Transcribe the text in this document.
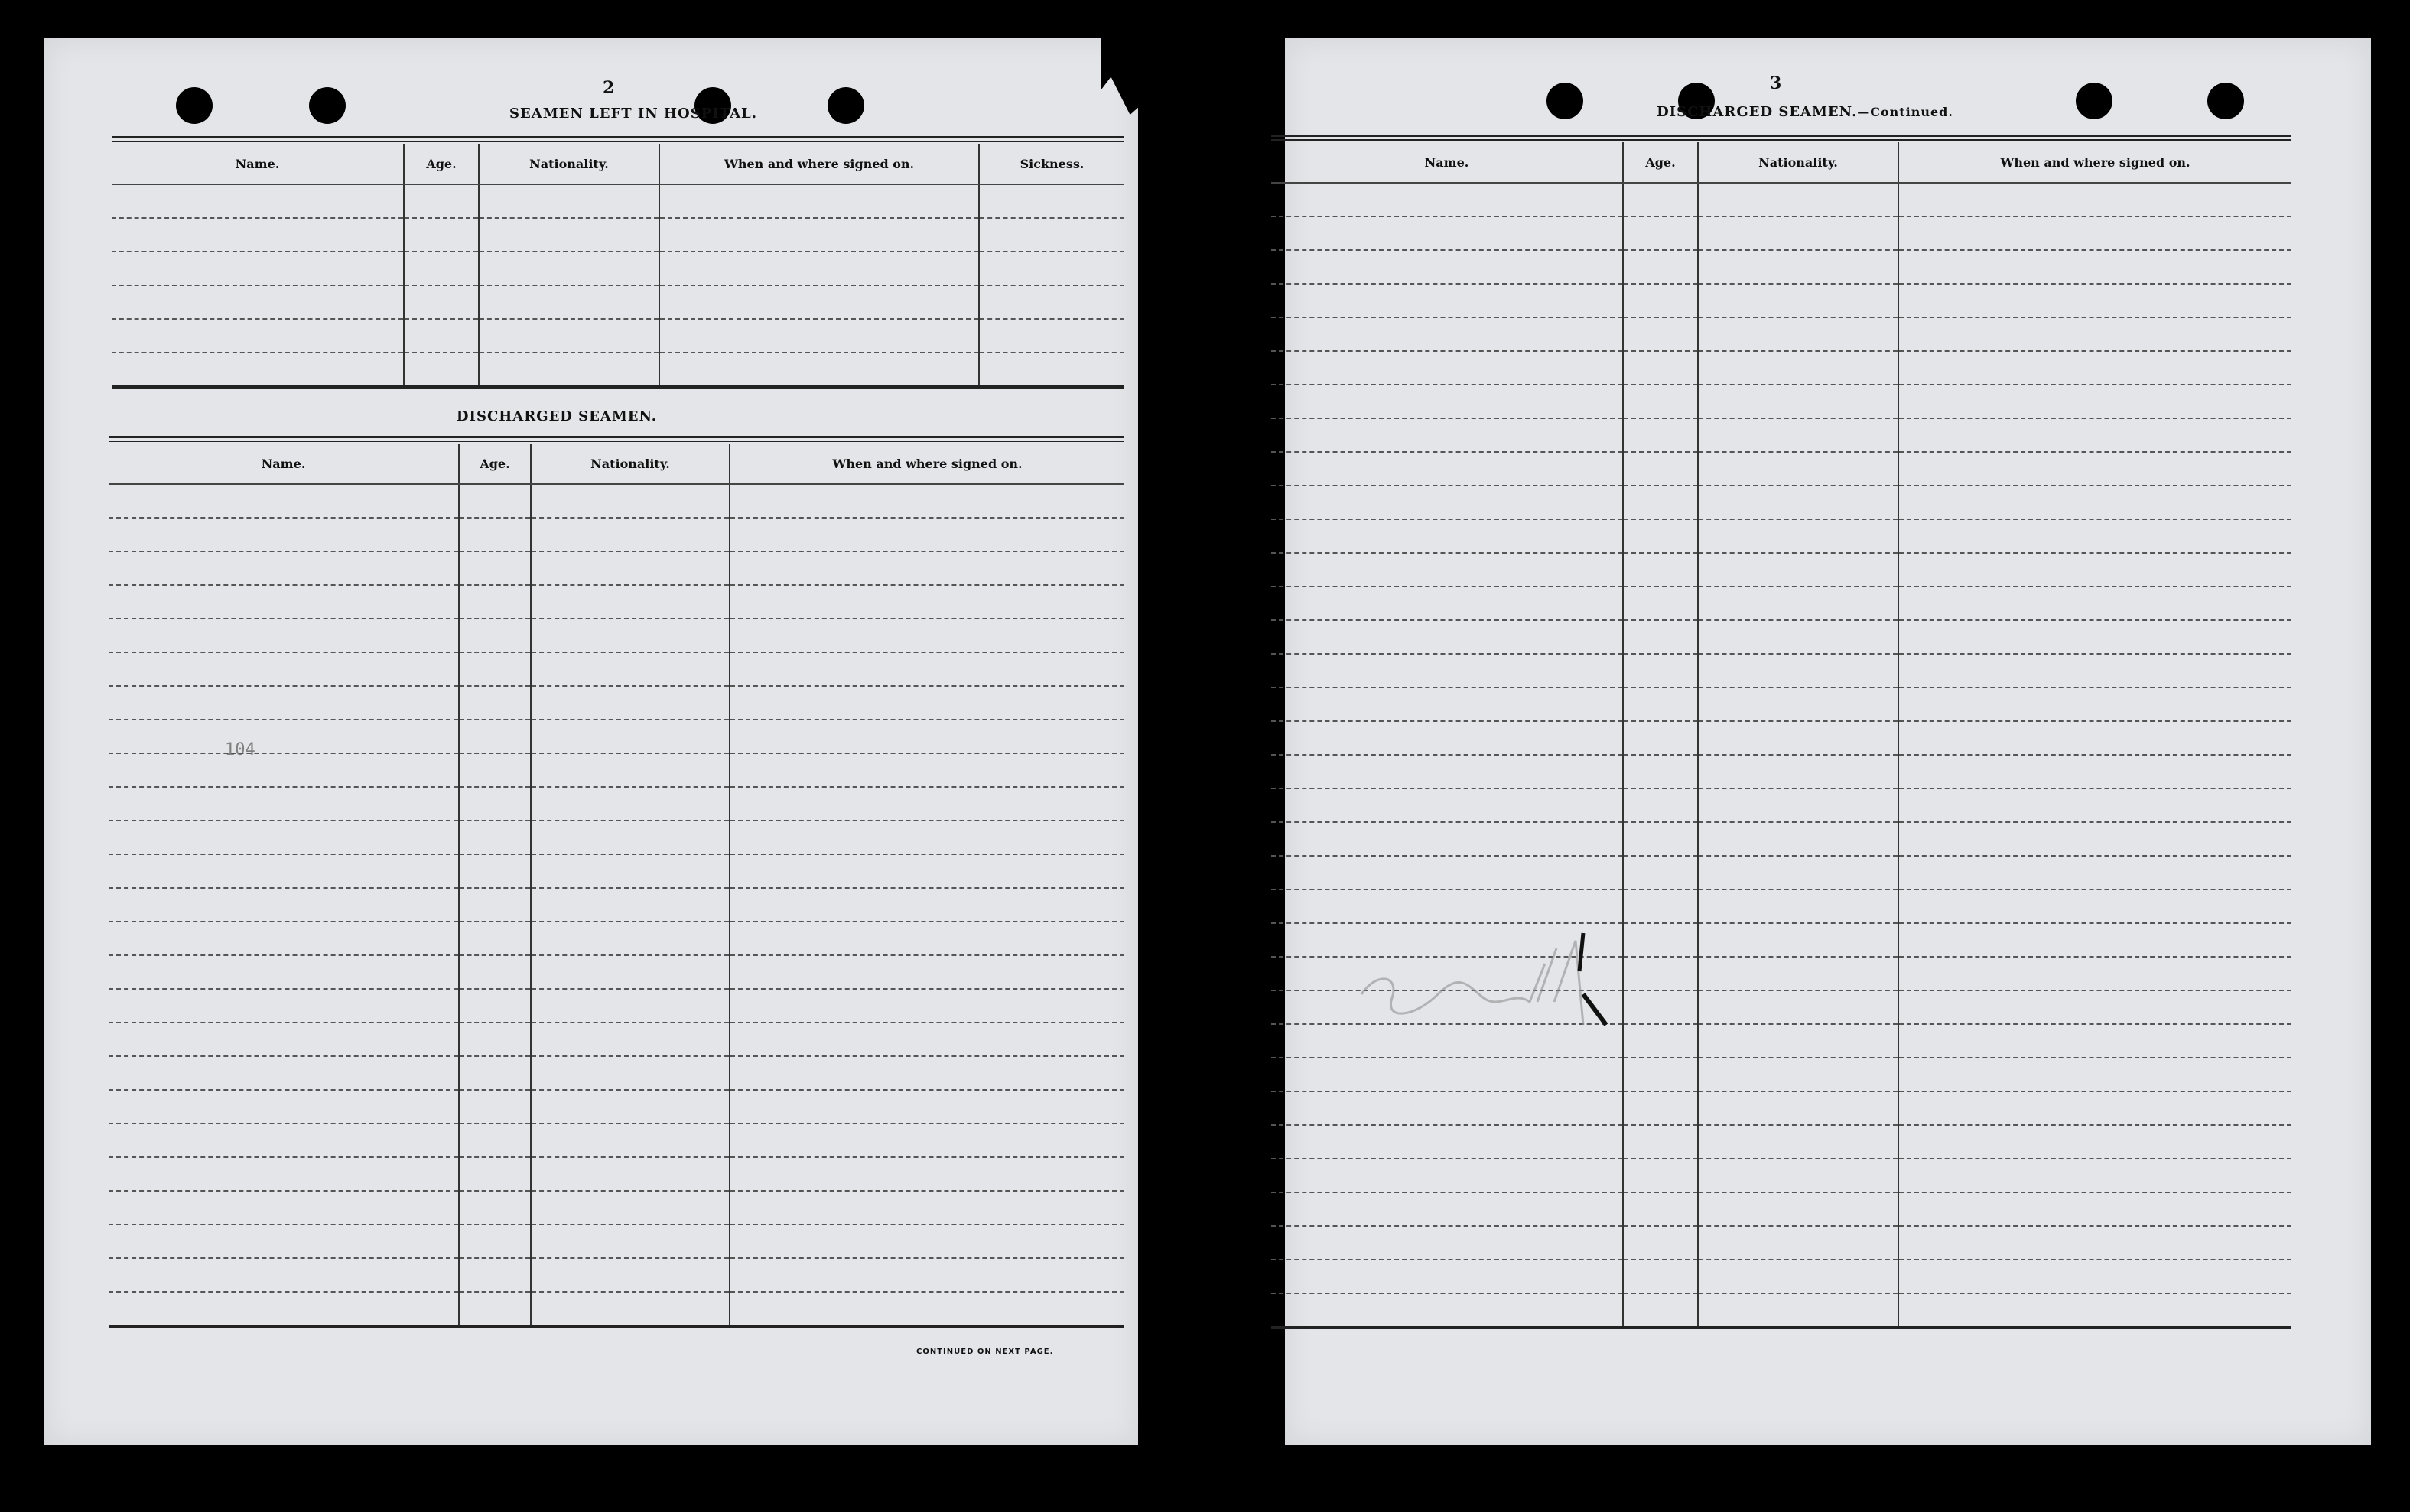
2
SEAMEN LEFT IN HOSPITAL.
Name.	Age.	Nationality.	When and where signed on.	Sickness.

DISCHARGED SEAMEN.
Name.	Age.	Nationality.	When and where signed on.

104
CONTINUED ON NEXT PAGE.
3
DISCHARGED SEAMEN.—Continued.
Name.	Age.	Nationality.	When and where signed on.
